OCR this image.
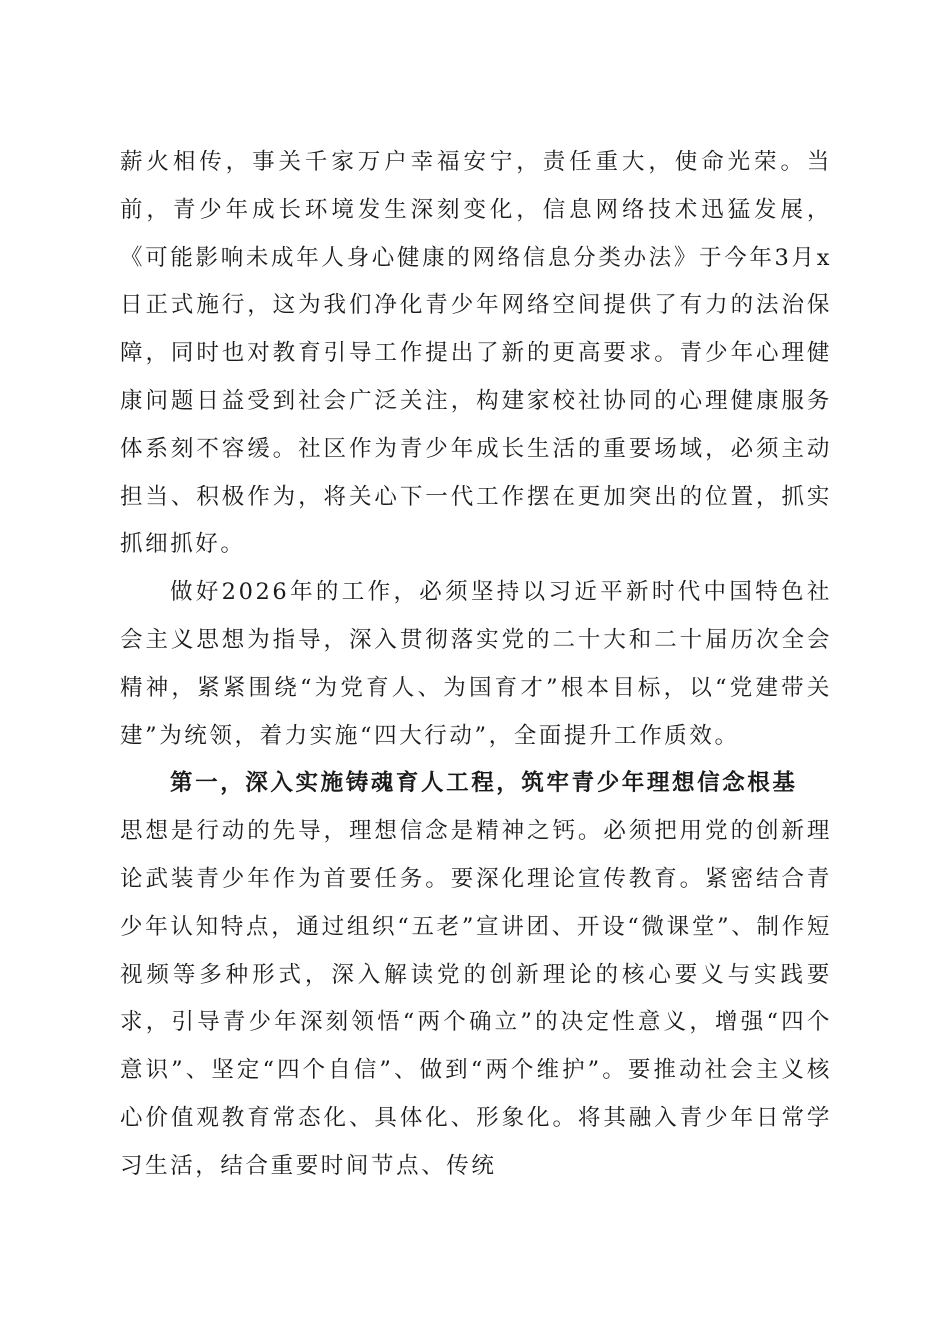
薪火相传，事关千家万户幸福安宁，责任重大，使命光荣。当前，青少年成长环境发生深刻变化，信息网络技术迅猛发展，《可能影响未成年人身心健康的网络信息分类办法》于今年3月x日正式施行，这为我们净化青少年网络空间提供了有力的法治保障，同时也对教育引导工作提出了新的更高要求。青少年心理健康问题日益受到社会广泛关注，构建家校社协同的心理健康服务体系刻不容缓。社区作为青少年成长生活的重要场域，必须主动担当、积极作为，将关心下一代工作摆在更加突出的位置，抓实抓细抓好。

做好2026年的工作，必须坚持以习近平新时代中国特色社会主义思想为指导，深入贯彻落实党的二十大和二十届历次全会精神，紧紧围绕“为党育人、为国育才”根本目标，以“党建带关建”为统领，着力实施“四大行动”，全面提升工作质效。

第一，深入实施铸魂育人工程，筑牢青少年理想信念根基
思想是行动的先导，理想信念是精神之钙。必须把用党的创新理论武装青少年作为首要任务。要深化理论宣传教育。紧密结合青少年认知特点，通过组织“五老”宣讲团、开设“微课堂”、制作短视频等多种形式，深入解读党的创新理论的核心要义与实践要求，引导青少年深刻领悟“两个确立”的决定性意义，增强“四个意识”、坚定“四个自信”、做到“两个维护”。要推动社会主义核心价值观教育常态化、具体化、形象化。将其融入青少年日常学习生活，结合重要时间节点、传统
